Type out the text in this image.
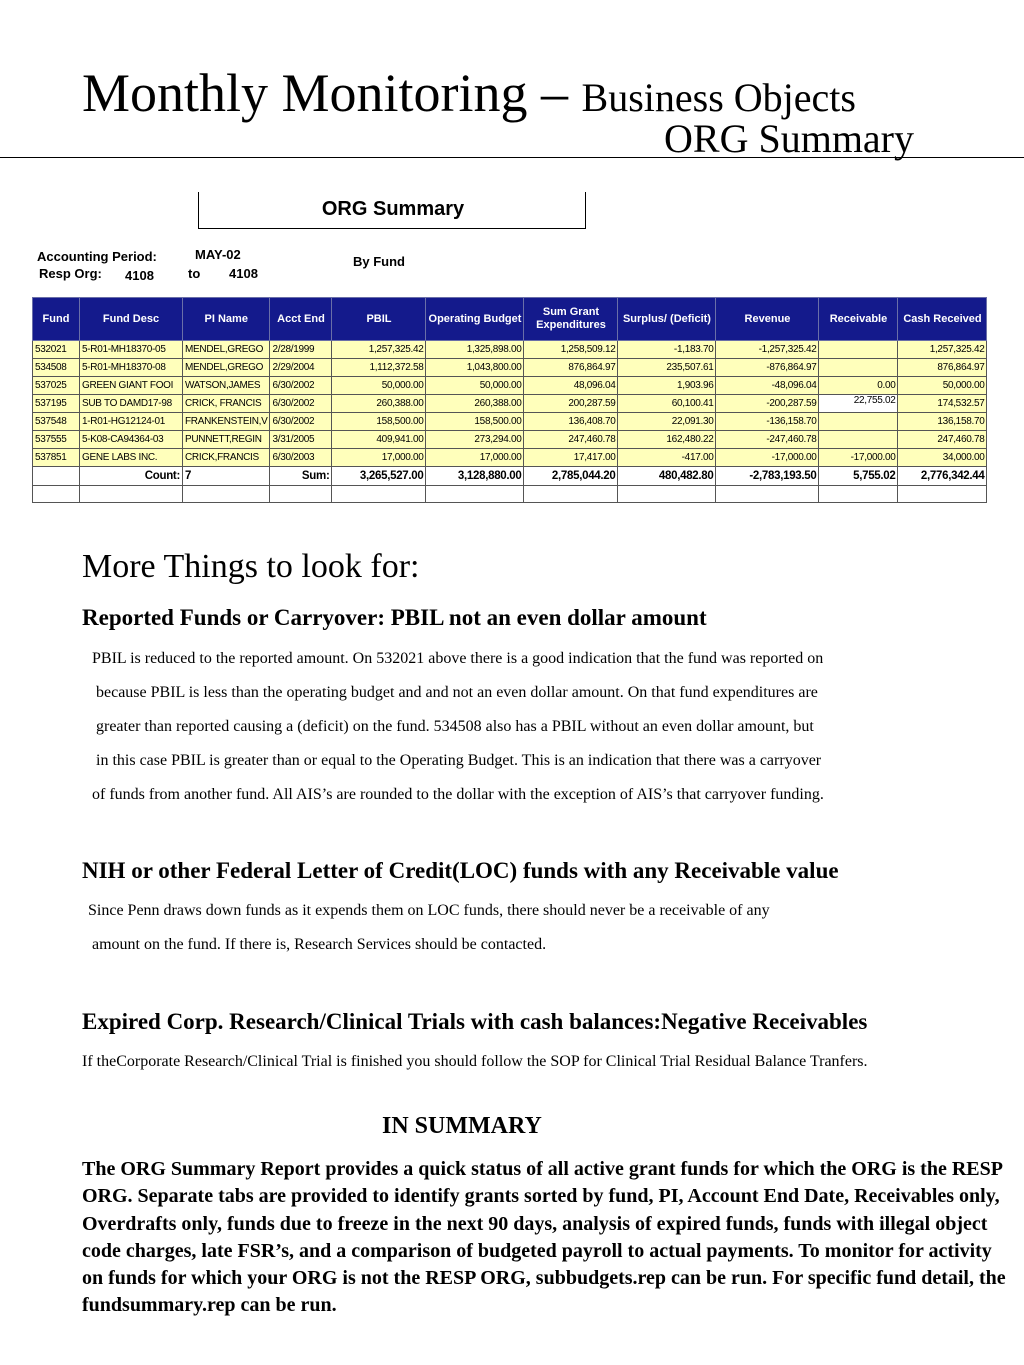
Monthly Monitoring – Business Objects
ORG Summary
ORG Summary
Accounting Period:	MAY-02
Resp Org: 4108	to 4108
By Fund
Fund	Fund Desc	PI Name	Acct End	PBIL	Operating Budget	Sum Grant Expenditures	Surplus/ (Deficit)	Revenue	Receivable	Cash Received
532021	5-R01-MH18370-05	MENDEL,GREGO	2/28/1999	1,257,325.42	1,325,898.00	1,258,509.12	-1,183.70	-1,257,325.42		1,257,325.42
534508	5-R01-MH18370-08	MENDEL,GREGO	2/29/2004	1,112,372.58	1,043,800.00	876,864.97	235,507.61	-876,864.97		876,864.97
537025	GREEN GIANT FOOI	WATSON,JAMES	6/30/2002	50,000.00	50,000.00	48,096.04	1,903.96	-48,096.04	0.00	50,000.00
537195	SUB TO DAMD17-98	CRICK, FRANCIS	6/30/2002	260,388.00	260,388.00	200,287.59	60,100.41	-200,287.59	22,755.02	174,532.57
537548	1-R01-HG12124-01	FRANKENSTEIN,V	6/30/2002	158,500.00	158,500.00	136,408.70	22,091.30	-136,158.70		136,158.70
537555	5-K08-CA94364-03	PUNNETT,REGIN	3/31/2005	409,941.00	273,294.00	247,460.78	162,480.22	-247,460.78		247,460.78
537851	GENE LABS INC.	CRICK,FRANCIS	6/30/2003	17,000.00	17,000.00	17,417.00	-417.00	-17,000.00	-17,000.00	34,000.00
	Count:	7	Sum:	3,265,527.00	3,128,880.00	2,785,044.20	480,482.80	-2,783,193.50	5,755.02	2,776,342.44

More Things to look for:
Reported Funds or Carryover: PBIL not an even dollar amount
PBIL is reduced to the reported amount. On 532021 above there is a good indication that the fund was reported on
because PBIL is less than the operating budget and and not an even dollar amount. On that fund expenditures are
greater than reported causing a (deficit) on the fund. 534508 also has a PBIL without an even dollar amount, but
in this case PBIL is greater than or equal to the Operating Budget. This is an indication that there was a carryover
of funds from another fund. All AIS’s are rounded to the dollar with the exception of AIS’s that carryover funding.
NIH or other Federal Letter of Credit(LOC) funds with any Receivable value
Since Penn draws down funds as it expends them on LOC funds, there should never be a receivable of any
amount on the fund. If there is, Research Services should be contacted.
Expired Corp. Research/Clinical Trials with cash balances:Negative Receivables
If theCorporate Research/Clinical Trial is finished you should follow the SOP for Clinical Trial Residual Balance Tranfers.
IN SUMMARY
The ORG Summary Report provides a quick status of all active grant funds for which the ORG is the RESP ORG. Separate tabs are provided to identify grants sorted by fund, PI, Account End Date, Receivables only, Overdrafts only, funds due to freeze in the next 90 days, analysis of expired funds, funds with illegal object code charges, late FSR’s, and a comparison of budgeted payroll to actual payments. To monitor for activity on funds for which your ORG is not the RESP ORG, subbudgets.rep can be run. For specific fund detail, the fundsummary.rep can be run.
